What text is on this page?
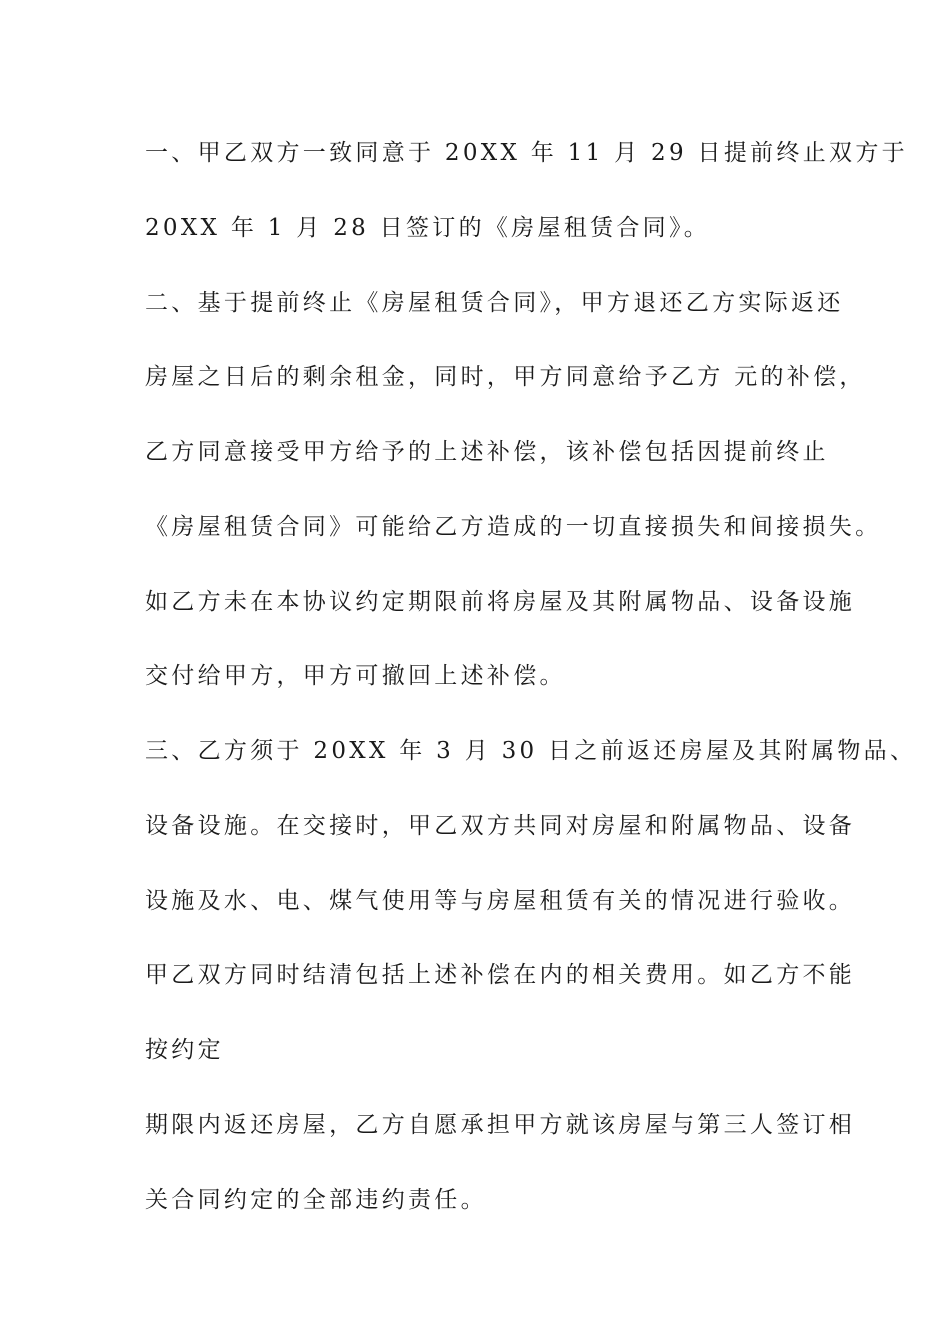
一、甲乙双方一致同意于 20XX 年 11 月 29 日提前终止双方于

20XX 年 1 月 28 日签订的《房屋租赁合同》。

二、基于提前终止《房屋租赁合同》，甲方退还乙方实际返还

房屋之日后的剩余租金，同时，甲方同意给予乙方 元的补偿，

乙方同意接受甲方给予的上述补偿，该补偿包括因提前终止

《房屋租赁合同》可能给乙方造成的一切直接损失和间接损失。

如乙方未在本协议约定期限前将房屋及其附属物品、设备设施

交付给甲方，甲方可撤回上述补偿。

三、乙方须于 20XX 年 3 月 30 日之前返还房屋及其附属物品、

设备设施。在交接时，甲乙双方共同对房屋和附属物品、设备

设施及水、电、煤气使用等与房屋租赁有关的情况进行验收。

甲乙双方同时结清包括上述补偿在内的相关费用。如乙方不能

按约定

期限内返还房屋，乙方自愿承担甲方就该房屋与第三人签订相

关合同约定的全部违约责任。
